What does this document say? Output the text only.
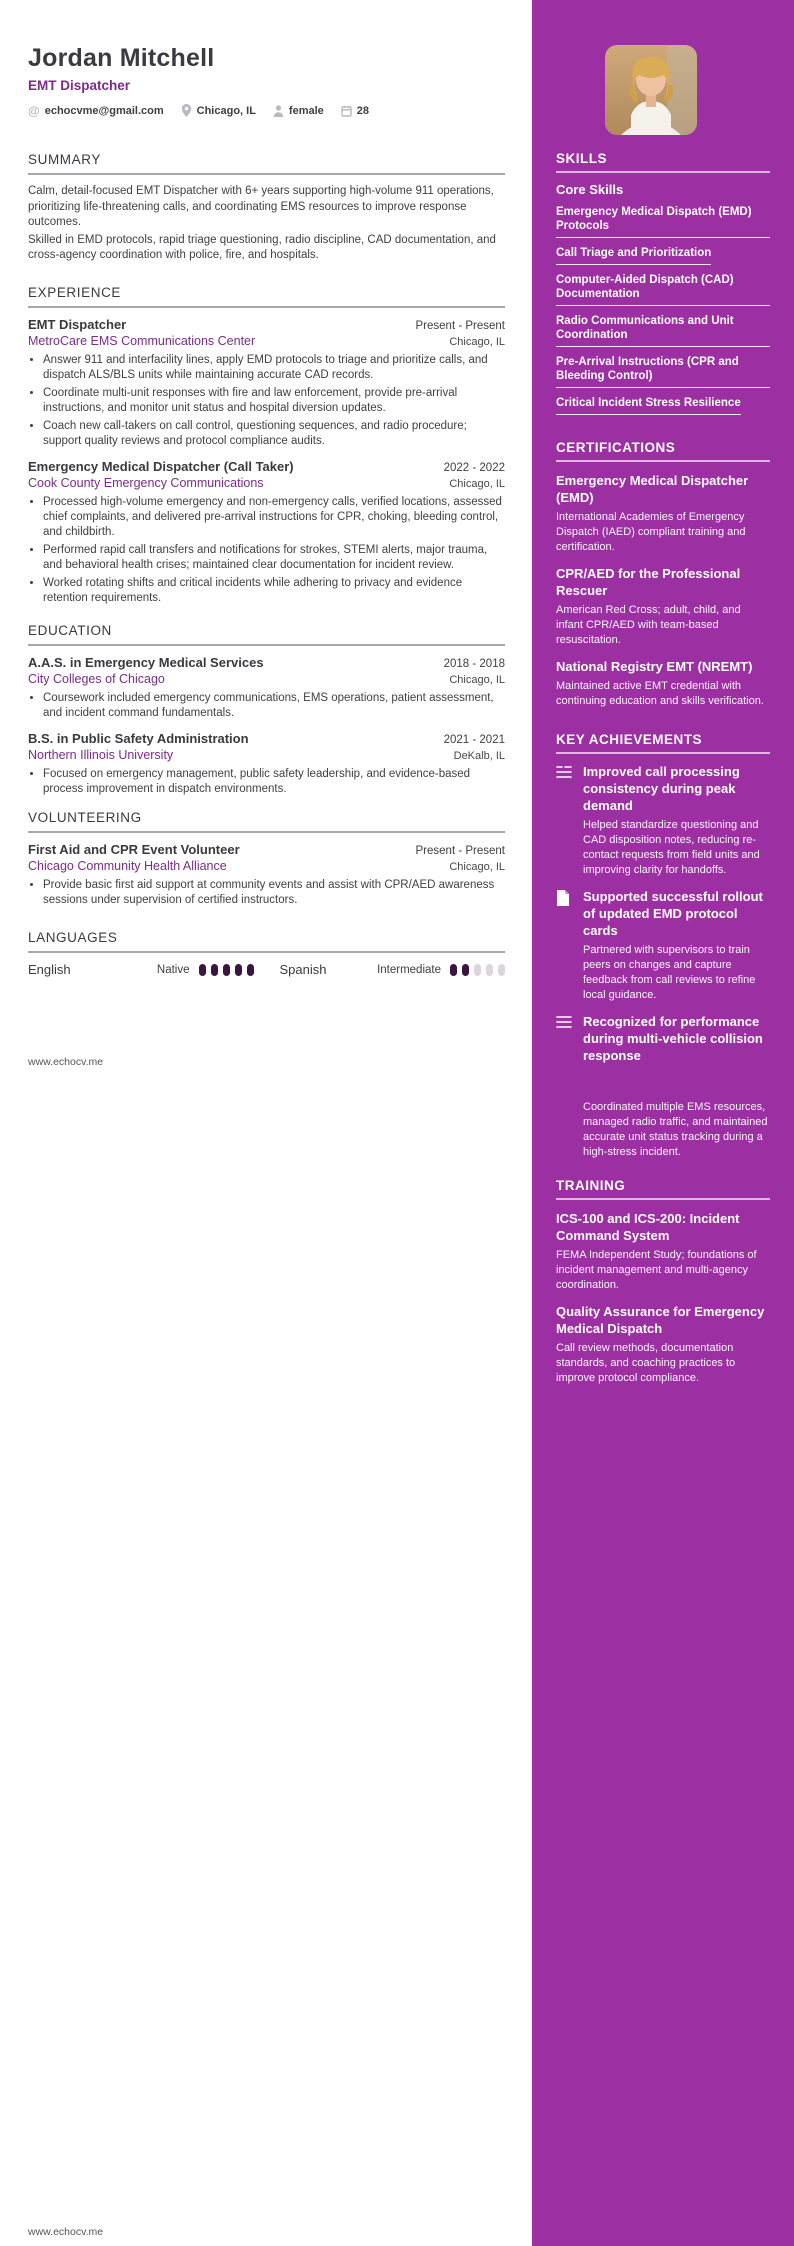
Jordan Mitchell
EMT Dispatcher
@ echocvme@gmail.com	Chicago, IL	female	28
SUMMARY

Calm, detail-focused EMT Dispatcher with 6+ years supporting high-volume 911 operations, prioritizing life-threatening calls, and coordinating EMS resources to improve response outcomes.

Skilled in EMD protocols, rapid triage questioning, radio discipline, CAD documentation, and cross-agency coordination with police, fire, and hospitals.

EXPERIENCE
EMT Dispatcher	Present - Present
MetroCare EMS Communications Center	Chicago, IL
• Answer 911 and interfacility lines, apply EMD protocols to triage and prioritize calls, and dispatch ALS/BLS units while maintaining accurate CAD records.
• Coordinate multi-unit responses with fire and law enforcement, provide pre-arrival instructions, and monitor unit status and hospital diversion updates.
• Coach new call-takers on call control, questioning sequences, and radio procedure; support quality reviews and protocol compliance audits.
Emergency Medical Dispatcher (Call Taker)	2022 - 2022
Cook County Emergency Communications	Chicago, IL
• Processed high-volume emergency and non-emergency calls, verified locations, assessed chief complaints, and delivered pre-arrival instructions for CPR, choking, bleeding control, and childbirth.
• Performed rapid call transfers and notifications for strokes, STEMI alerts, major trauma, and behavioral health crises; maintained clear documentation for incident review.
• Worked rotating shifts and critical incidents while adhering to privacy and evidence retention requirements.
EDUCATION
A.A.S. in Emergency Medical Services	2018 - 2018
City Colleges of Chicago	Chicago, IL
• Coursework included emergency communications, EMS operations, patient assessment, and incident command fundamentals.
B.S. in Public Safety Administration	2021 - 2021
Northern Illinois University	DeKalb, IL
• Focused on emergency management, public safety leadership, and evidence-based process improvement in dispatch environments.
VOLUNTEERING
First Aid and CPR Event Volunteer	Present - Present
Chicago Community Health Alliance	Chicago, IL
• Provide basic first aid support at community events and assist with CPR/AED awareness sessions under supervision of certified instructors.
LANGUAGES
English	Native	Spanish	Intermediate
www.echocv.me
www.echocv.me
SKILLS
Core Skills
Emergency Medical Dispatch (EMD) Protocols
Call Triage and Prioritization
Computer-Aided Dispatch (CAD) Documentation
Radio Communications and Unit Coordination
Pre-Arrival Instructions (CPR and Bleeding Control)
Critical Incident Stress Resilience
CERTIFICATIONS
Emergency Medical Dispatcher (EMD)
International Academies of Emergency Dispatch (IAED) compliant training and certification.
CPR/AED for the Professional Rescuer
American Red Cross; adult, child, and infant CPR/AED with team-based resuscitation.
National Registry EMT (NREMT)
Maintained active EMT credential with continuing education and skills verification.
KEY ACHIEVEMENTS
Improved call processing consistency during peak demand
Helped standardize questioning and CAD disposition notes, reducing re-contact requests from field units and improving clarity for handoffs.
Supported successful rollout of updated EMD protocol cards
Partnered with supervisors to train peers on changes and capture feedback from call reviews to refine local guidance.
Recognized for performance during multi-vehicle collision response
Coordinated multiple EMS resources, managed radio traffic, and maintained accurate unit status tracking during a high-stress incident.
TRAINING
ICS-100 and ICS-200: Incident Command System
FEMA Independent Study; foundations of incident management and multi-agency coordination.
Quality Assurance for Emergency Medical Dispatch
Call review methods, documentation standards, and coaching practices to improve protocol compliance.
